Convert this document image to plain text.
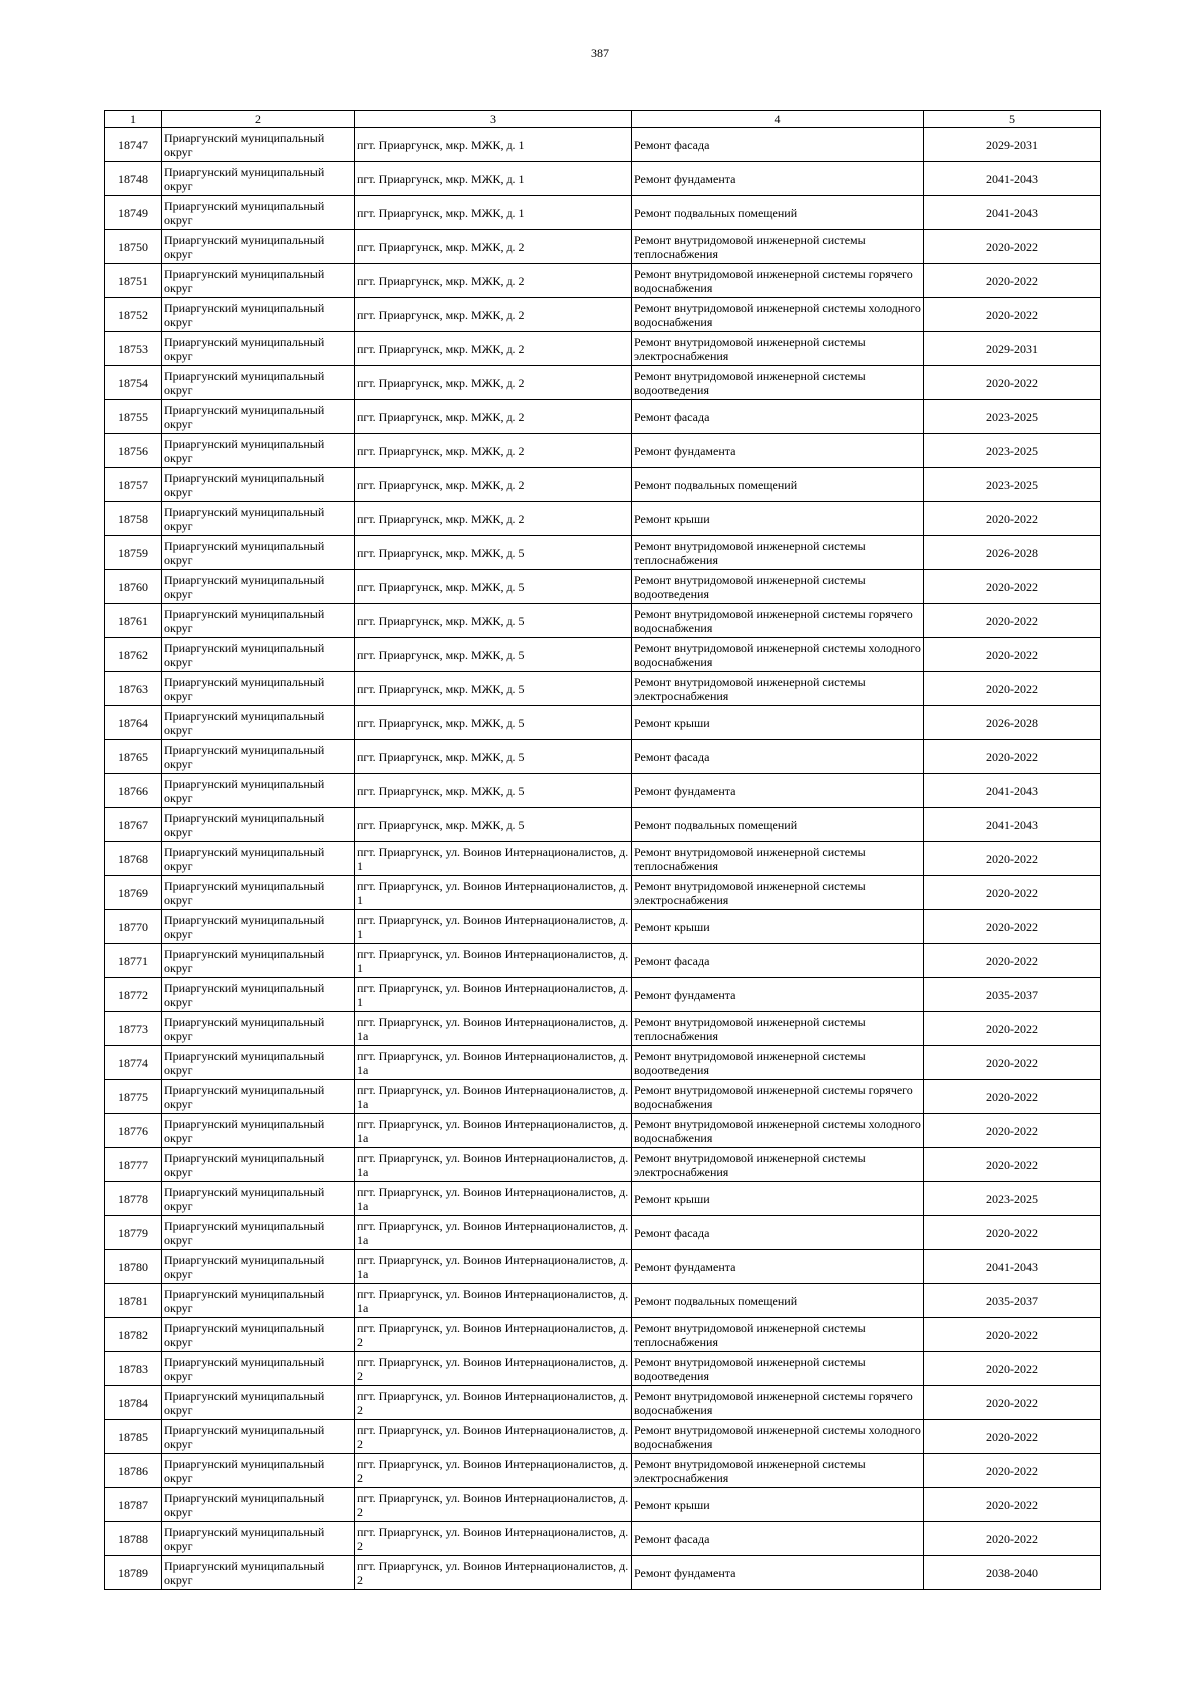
387
1	2	3	4	5
18747	Приаргунский муниципальный округ	пгт. Приаргунск, мкр. МЖК, д. 1	Ремонт фасада	2029-2031
18748	Приаргунский муниципальный округ	пгт. Приаргунск, мкр. МЖК, д. 1	Ремонт фундамента	2041-2043
18749	Приаргунский муниципальный округ	пгт. Приаргунск, мкр. МЖК, д. 1	Ремонт подвальных помещений	2041-2043
18750	Приаргунский муниципальный округ	пгт. Приаргунск, мкр. МЖК, д. 2	Ремонт внутридомовой инженерной системы теплоснабжения	2020-2022
18751	Приаргунский муниципальный округ	пгт. Приаргунск, мкр. МЖК, д. 2	Ремонт внутридомовой инженерной системы горячего водоснабжения	2020-2022
18752	Приаргунский муниципальный округ	пгт. Приаргунск, мкр. МЖК, д. 2	Ремонт внутридомовой инженерной системы холодного водоснабжения	2020-2022
18753	Приаргунский муниципальный округ	пгт. Приаргунск, мкр. МЖК, д. 2	Ремонт внутридомовой инженерной системы электроснабжения	2029-2031
18754	Приаргунский муниципальный округ	пгт. Приаргунск, мкр. МЖК, д. 2	Ремонт внутридомовой инженерной системы водоотведения	2020-2022
18755	Приаргунский муниципальный округ	пгт. Приаргунск, мкр. МЖК, д. 2	Ремонт фасада	2023-2025
18756	Приаргунский муниципальный округ	пгт. Приаргунск, мкр. МЖК, д. 2	Ремонт фундамента	2023-2025
18757	Приаргунский муниципальный округ	пгт. Приаргунск, мкр. МЖК, д. 2	Ремонт подвальных помещений	2023-2025
18758	Приаргунский муниципальный округ	пгт. Приаргунск, мкр. МЖК, д. 2	Ремонт крыши	2020-2022
18759	Приаргунский муниципальный округ	пгт. Приаргунск, мкр. МЖК, д. 5	Ремонт внутридомовой инженерной системы теплоснабжения	2026-2028
18760	Приаргунский муниципальный округ	пгт. Приаргунск, мкр. МЖК, д. 5	Ремонт внутридомовой инженерной системы водоотведения	2020-2022
18761	Приаргунский муниципальный округ	пгт. Приаргунск, мкр. МЖК, д. 5	Ремонт внутридомовой инженерной системы горячего водоснабжения	2020-2022
18762	Приаргунский муниципальный округ	пгт. Приаргунск, мкр. МЖК, д. 5	Ремонт внутридомовой инженерной системы холодного водоснабжения	2020-2022
18763	Приаргунский муниципальный округ	пгт. Приаргунск, мкр. МЖК, д. 5	Ремонт внутридомовой инженерной системы электроснабжения	2020-2022
18764	Приаргунский муниципальный округ	пгт. Приаргунск, мкр. МЖК, д. 5	Ремонт крыши	2026-2028
18765	Приаргунский муниципальный округ	пгт. Приаргунск, мкр. МЖК, д. 5	Ремонт фасада	2020-2022
18766	Приаргунский муниципальный округ	пгт. Приаргунск, мкр. МЖК, д. 5	Ремонт фундамента	2041-2043
18767	Приаргунский муниципальный округ	пгт. Приаргунск, мкр. МЖК, д. 5	Ремонт подвальных помещений	2041-2043
18768	Приаргунский муниципальный округ	пгт. Приаргунск, ул. Воинов Интернационалистов, д. 1	Ремонт внутридомовой инженерной системы теплоснабжения	2020-2022
18769	Приаргунский муниципальный округ	пгт. Приаргунск, ул. Воинов Интернационалистов, д. 1	Ремонт внутридомовой инженерной системы электроснабжения	2020-2022
18770	Приаргунский муниципальный округ	пгт. Приаргунск, ул. Воинов Интернационалистов, д. 1	Ремонт крыши	2020-2022
18771	Приаргунский муниципальный округ	пгт. Приаргунск, ул. Воинов Интернационалистов, д. 1	Ремонт фасада	2020-2022
18772	Приаргунский муниципальный округ	пгт. Приаргунск, ул. Воинов Интернационалистов, д. 1	Ремонт фундамента	2035-2037
18773	Приаргунский муниципальный округ	пгт. Приаргунск, ул. Воинов Интернационалистов, д. 1а	Ремонт внутридомовой инженерной системы теплоснабжения	2020-2022
18774	Приаргунский муниципальный округ	пгт. Приаргунск, ул. Воинов Интернационалистов, д. 1а	Ремонт внутридомовой инженерной системы водоотведения	2020-2022
18775	Приаргунский муниципальный округ	пгт. Приаргунск, ул. Воинов Интернационалистов, д. 1а	Ремонт внутридомовой инженерной системы горячего водоснабжения	2020-2022
18776	Приаргунский муниципальный округ	пгт. Приаргунск, ул. Воинов Интернационалистов, д. 1а	Ремонт внутридомовой инженерной системы холодного водоснабжения	2020-2022
18777	Приаргунский муниципальный округ	пгт. Приаргунск, ул. Воинов Интернационалистов, д. 1а	Ремонт внутридомовой инженерной системы электроснабжения	2020-2022
18778	Приаргунский муниципальный округ	пгт. Приаргунск, ул. Воинов Интернационалистов, д. 1а	Ремонт крыши	2023-2025
18779	Приаргунский муниципальный округ	пгт. Приаргунск, ул. Воинов Интернационалистов, д. 1а	Ремонт фасада	2020-2022
18780	Приаргунский муниципальный округ	пгт. Приаргунск, ул. Воинов Интернационалистов, д. 1а	Ремонт фундамента	2041-2043
18781	Приаргунский муниципальный округ	пгт. Приаргунск, ул. Воинов Интернационалистов, д. 1а	Ремонт подвальных помещений	2035-2037
18782	Приаргунский муниципальный округ	пгт. Приаргунск, ул. Воинов Интернационалистов, д. 2	Ремонт внутридомовой инженерной системы теплоснабжения	2020-2022
18783	Приаргунский муниципальный округ	пгт. Приаргунск, ул. Воинов Интернационалистов, д. 2	Ремонт внутридомовой инженерной системы водоотведения	2020-2022
18784	Приаргунский муниципальный округ	пгт. Приаргунск, ул. Воинов Интернационалистов, д. 2	Ремонт внутридомовой инженерной системы горячего водоснабжения	2020-2022
18785	Приаргунский муниципальный округ	пгт. Приаргунск, ул. Воинов Интернационалистов, д. 2	Ремонт внутридомовой инженерной системы холодного водоснабжения	2020-2022
18786	Приаргунский муниципальный округ	пгт. Приаргунск, ул. Воинов Интернационалистов, д. 2	Ремонт внутридомовой инженерной системы электроснабжения	2020-2022
18787	Приаргунский муниципальный округ	пгт. Приаргунск, ул. Воинов Интернационалистов, д. 2	Ремонт крыши	2020-2022
18788	Приаргунский муниципальный округ	пгт. Приаргунск, ул. Воинов Интернационалистов, д. 2	Ремонт фасада	2020-2022
18789	Приаргунский муниципальный округ	пгт. Приаргунск, ул. Воинов Интернационалистов, д. 2	Ремонт фундамента	2038-2040
